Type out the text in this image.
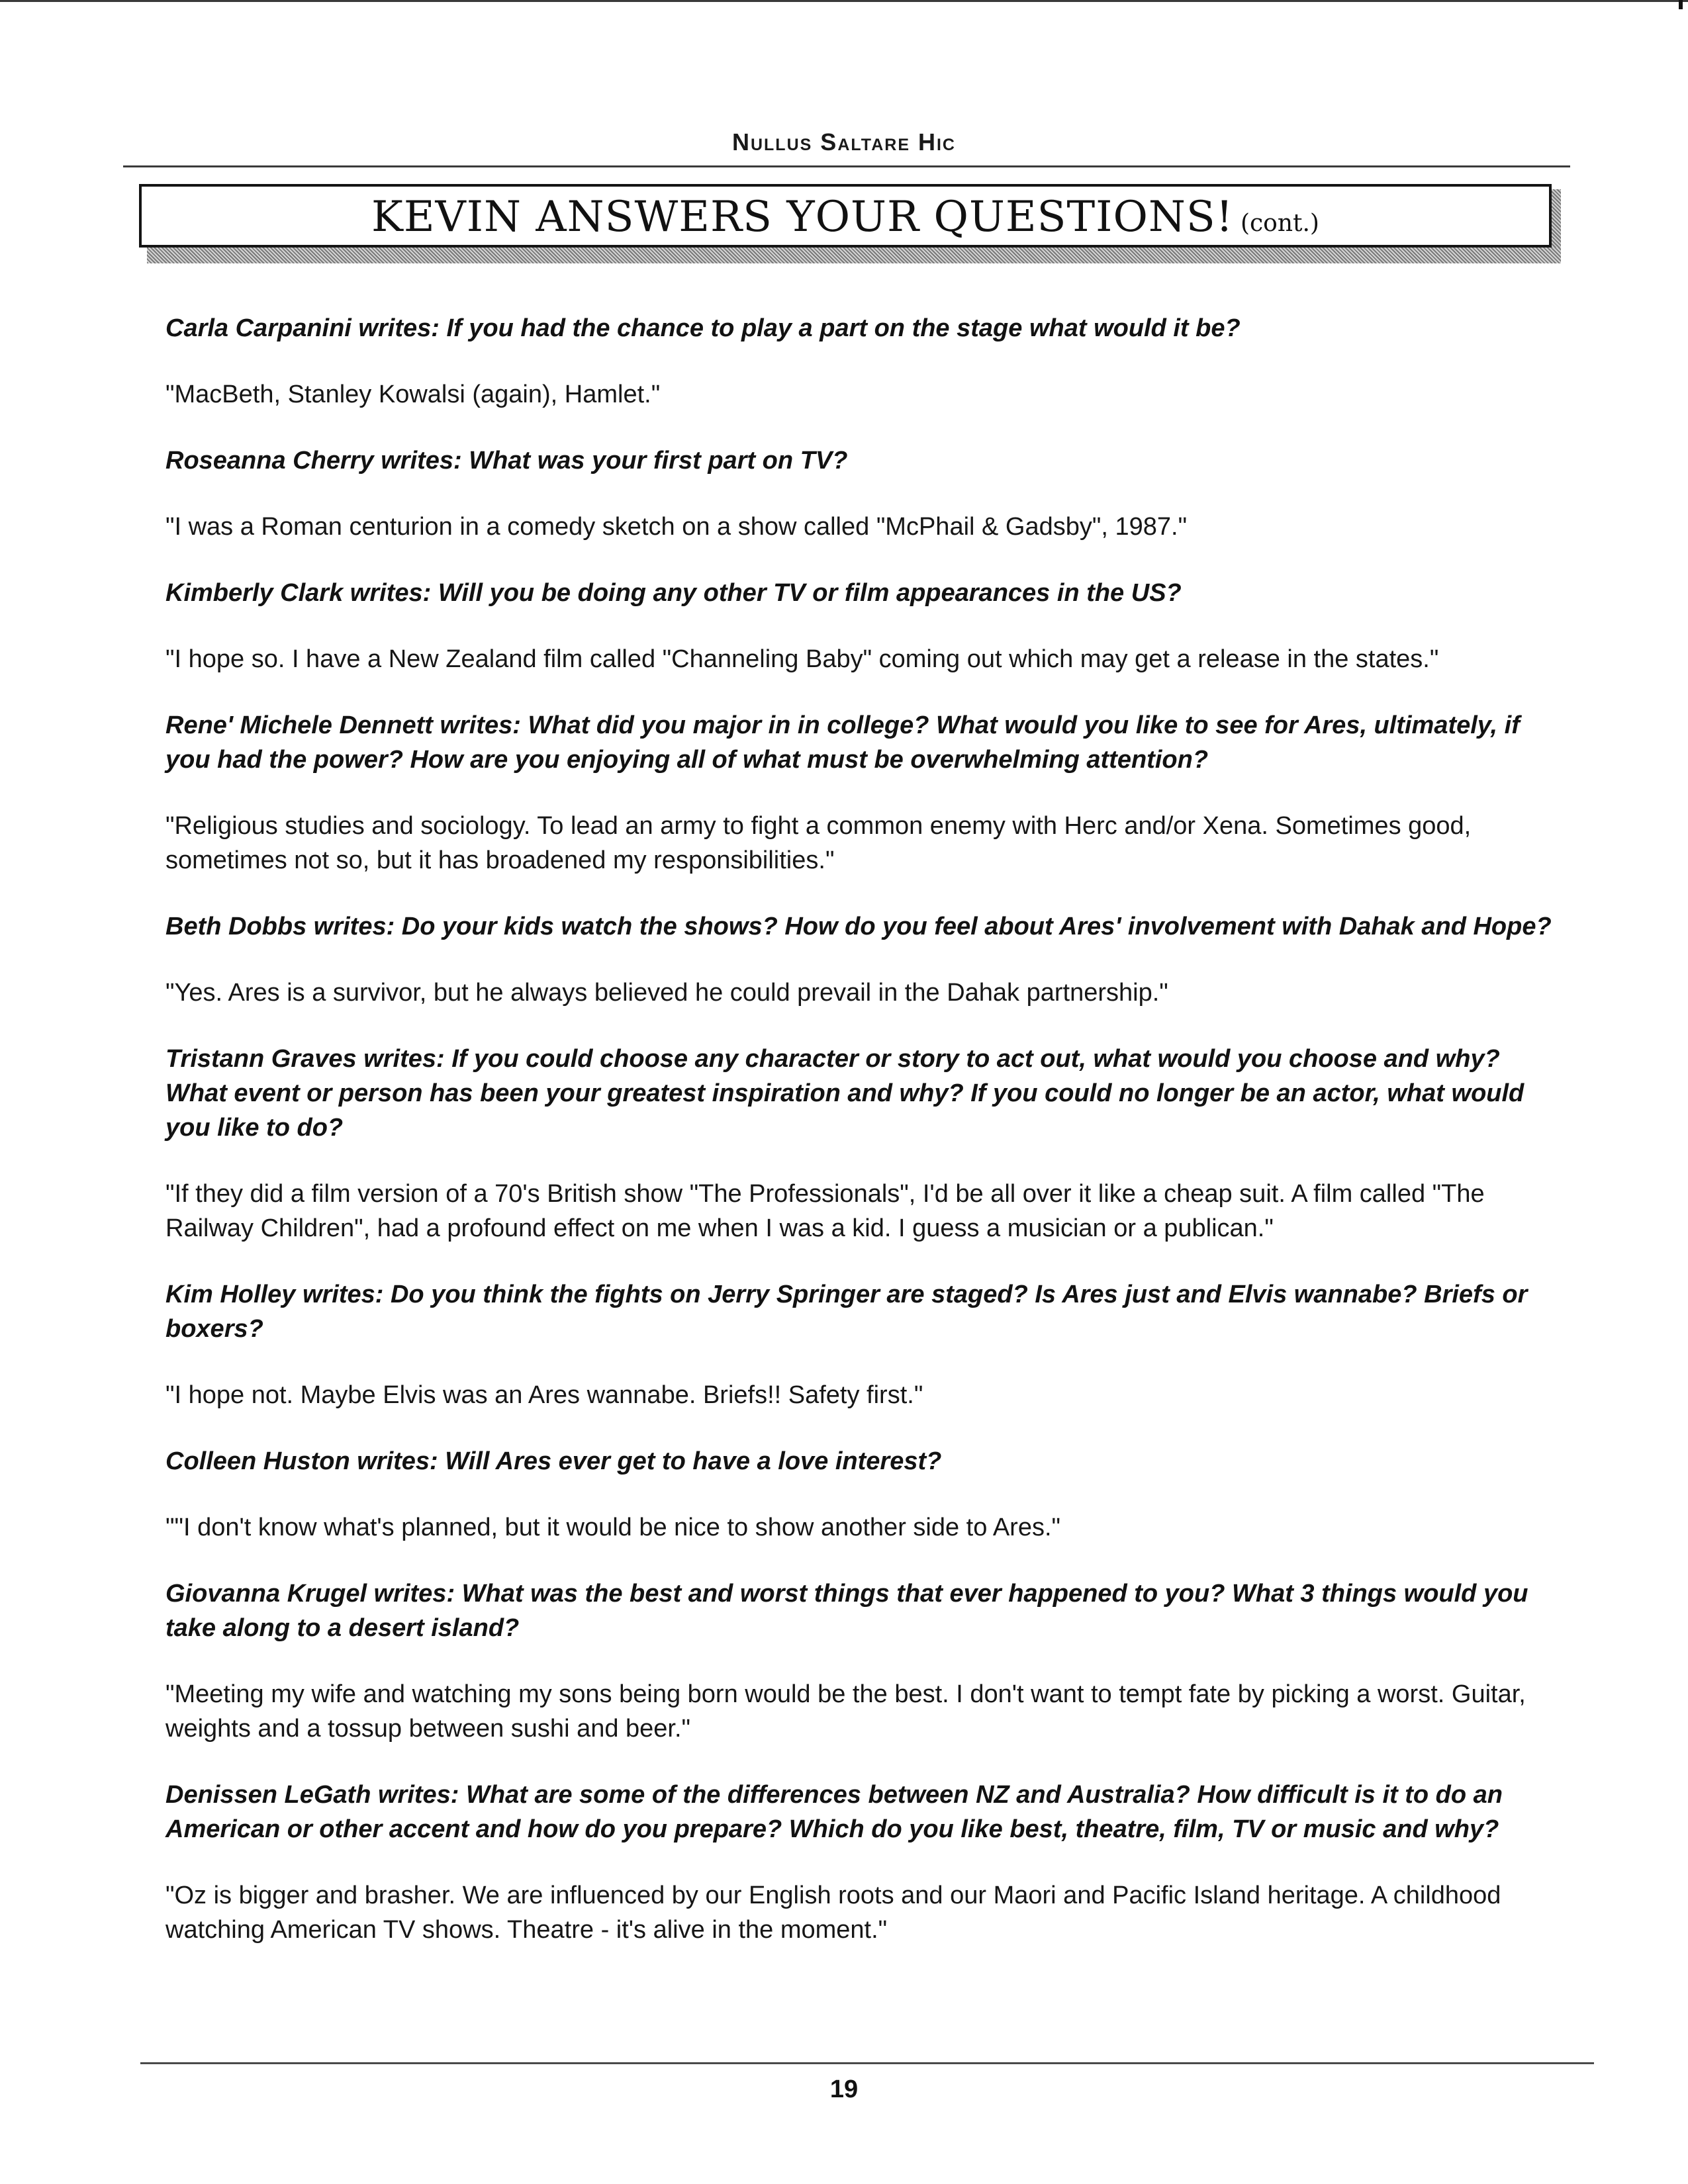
Nullus Saltare Hic
KEVIN ANSWERS YOUR QUESTIONS! (cont.)

Carla Carpanini writes: If you had the chance to play a part on the stage what would it be?

"MacBeth, Stanley Kowalsi (again), Hamlet."

Roseanna Cherry writes: What was your first part on TV?

"I was a Roman centurion in a comedy sketch on a show called "McPhail & Gadsby", 1987."

Kimberly Clark writes: Will you be doing any other TV or film appearances in the US?

"I hope so. I have a New Zealand film called "Channeling Baby" coming out which may get a release in the states."

Rene' Michele Dennett writes: What did you major in in college? What would you like to see for Ares, ultimately, if you had the power? How are you enjoying all of what must be overwhelming attention?

"Religious studies and sociology. To lead an army to fight a common enemy with Herc and/or Xena. Sometimes good, sometimes not so, but it has broadened my responsibilities."

Beth Dobbs writes: Do your kids watch the shows? How do you feel about Ares' involvement with Dahak and Hope?

"Yes. Ares is a survivor, but he always believed he could prevail in the Dahak partnership."

Tristann Graves writes: If you could choose any character or story to act out, what would you choose and why? What event or person has been your greatest inspiration and why? If you could no longer be an actor, what would you like to do?

"If they did a film version of a 70's British show "The Professionals", I'd be all over it like a cheap suit. A film called "The Railway Children", had a profound effect on me when I was a kid. I guess a musician or a publican."

Kim Holley writes: Do you think the fights on Jerry Springer are staged? Is Ares just and Elvis wannabe? Briefs or boxers?

"I hope not. Maybe Elvis was an Ares wannabe. Briefs!! Safety first."

Colleen Huston writes: Will Ares ever get to have a love interest?

""I don't know what's planned, but it would be nice to show another side to Ares."

Giovanna Krugel writes: What was the best and worst things that ever happened to you? What 3 things would you take along to a desert island?

"Meeting my wife and watching my sons being born would be the best. I don't want to tempt fate by picking a worst. Guitar, weights and a tossup between sushi and beer."

Denissen LeGath writes: What are some of the differences between NZ and Australia? How difficult is it to do an American or other accent and how do you prepare? Which do you like best, theatre, film, TV or music and why?

"Oz is bigger and brasher. We are influenced by our English roots and our Maori and Pacific Island heritage. A childhood watching American TV shows. Theatre - it's alive in the moment."

19
